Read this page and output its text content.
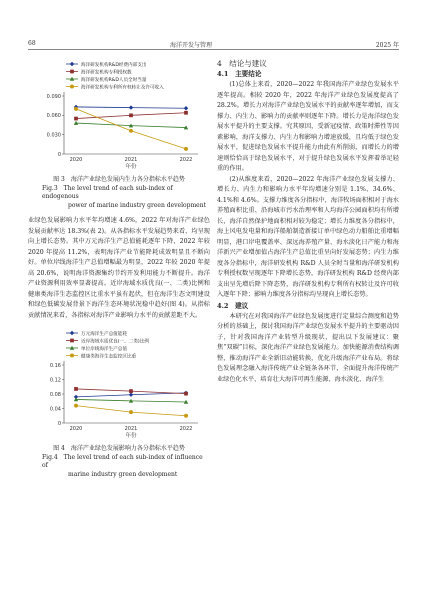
68	海洋开发与管理	2025 年
0
0.030
0.060
0.090
2020	2021	2022
年份
海洋研发机构R&D经费内部支出
海洋研发机构专利授权数
海洋研发机构R&D人员全时当量
海洋研发机构专利所有权转让及许可收入

图 3　海洋产业绿色发展内生力各分指标水平趋势

Fig.3　The level trend of each sub-index of endogenous

power of marine industry green development

业绿色发展影响力水平年均增速 4.6%，2022 年对海洋产业绿色发展贡献率达 18.3%(表 2)。从各指标水平发展趋势来看，均呈现向上增长态势。其中万元海洋生产总值能耗逐年下降，2022 年较 2020 年提高 11.2%，表明海洋产业节能降耗成效明显且不断向好。单位岸线海洋生产总值增幅最为明显，2022 年较 2020 年提高 20.6%，说明海洋资源集约节约开发利用能力不断提升。海洋产业资源利用效率显著提高。近岸海域水质优良(一、二类)比例和健康类海洋生态监控区比重水平虽有起伏，但在海洋生态文明建设和绿色低碳发展背景下海洋生态环境状况稳中趋好(图 4)。从指标贡献情况来看，各指标对海洋产业影响力水平的贡献差距不大。

0
0.04
0.08
0.12
0.16
2020	2021	2022
年份
万元海洋生产总值能耗
近岸海域水质优良(一、二类)比例
单位岸线海洋生产总值
健康类海洋生态监控区比重

图 4　海洋产业绿色发展影响力各分指标水平趋势

Fig.4　The level trend of each sub-index of influence of

marine industry green development

4　结论与建议

4.1　主要结论

(1)总体上来看，2020—2022 年我国海洋产业绿色发展水平逐年提高。相较 2020 年，2022 年海洋产业绿色发展度提高了 28.2%。增长力对海洋产业绿色发展水平的贡献率逐年增加，而支撑力、内生力、影响力的贡献率则逐年下降。增长力是海洋绿色发展水平提升的主要支撑。究其原因，受新冠疫情、政策时滞性等因素影响，海洋支撑力、内生力和影响力增速放缓，且均低于绿色发展水平，促进绿色发展水平提升能力由此有所削弱，而增长力的增速则恰恰高于绿色发展水平，对于提升绿色发展水平发挥着举足轻重的作用。

(2)从维度来看，2020—2022 年海洋产业绿色发展支撑力、增长力、内生力和影响力水平年均增速分别是 1.1%、34.6%、4.1%和 4.6%。支撑力维度各分指标中，海洋牧场面积相对于海水养殖面积比重、沿海城市污水治理率和人均海洋公园面积均有所增长，海洋自然保护地面积相对较为稳定；增长力维度各分指标中，海上风电发电量和海洋船舶制造新接订单中绿色动力船舶比重增幅明显，港口岸电覆盖率、深远海养殖产量、海水淡化日产能力和海洋新兴产业增加值占海洋生产总值比重呈向好发展态势；内生力维度各分指标中，海洋研发机构 R&D 人员全时当量和海洋研发机构专利授权数呈现逐年下降增长态势，海洋研发机构 R&D 经费内部支出呈先增后降下降态势，海洋研发机构专利所有权转让及许可收入逐年下降；影响力维度各分指标均呈现向上增长态势。

4.2　建议

本研究在对我国海洋产业绿色发展度进行定量综合测度和趋势分析的基础上，探讨我国海洋产业绿色发展水平提升的主要驱动因子，针对我国海洋产业转型升级现状，提出以下发展建议：聚焦“双碳”目标，深化海洋产业绿色发展能力。加快能源消费结构调整，推动海洋产业全新旧动能转换，优化升级海洋产业布局。将绿色发展理念融入海洋传统产业全链条各环节，全面提升海洋传统产业绿色化水平，培育壮大海洋可再生能源、海水淡化、海洋生
